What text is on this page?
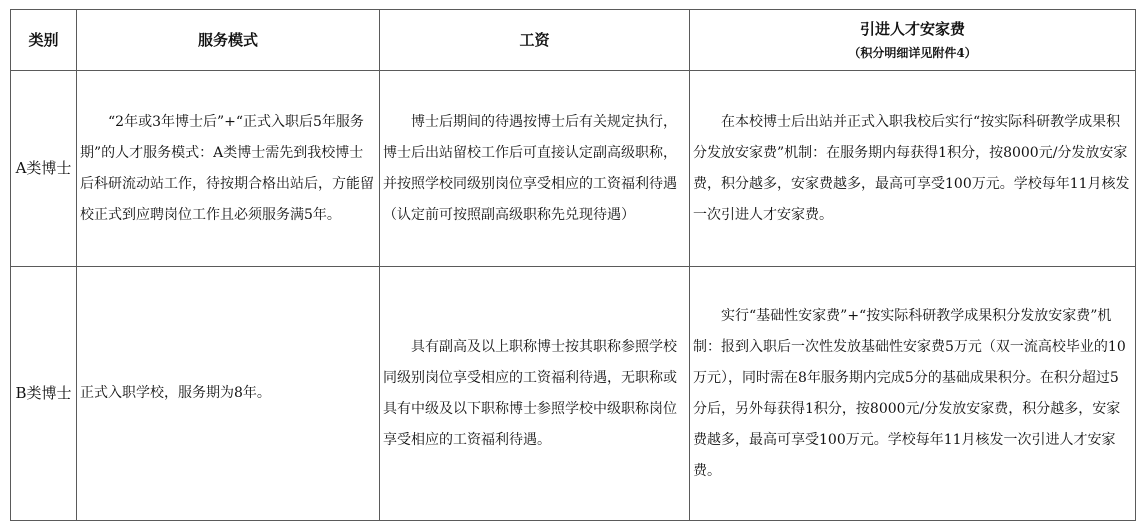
类别	服务模式	工资	引进人才安家费
（积分明细详见附件4）

A类博士	“2年或3年博士后”+“正式入职后5年服务期”的人才服务模式：A类博士需先到我校博士后科研流动站工作，待按期合格出站后，方能留校正式到应聘岗位工作且必须服务满5年。	博士后期间的待遇按博士后有关规定执行，博士后出站留校工作后可直接认定副高级职称，并按照学校同级别岗位享受相应的工资福利待遇（认定前可按照副高级职称先兑现待遇）	在本校博士后出站并正式入职我校后实行“按实际科研教学成果积分发放安家费”机制：在服务期内每获得1积分，按8000元/分发放安家费，积分越多，安家费越多，最高可享受100万元。学校每年11月核发一次引进人才安家费。
B类博士	正式入职学校，服务期为8年。	具有副高及以上职称博士按其职称参照学校同级别岗位享受相应的工资福利待遇，无职称或具有中级及以下职称博士参照学校中级职称岗位享受相应的工资福利待遇。	实行“基础性安家费”+“按实际科研教学成果积分发放安家费”机制：报到入职后一次性发放基础性安家费5万元（双一流高校毕业的10万元），同时需在8年服务期内完成5分的基础成果积分。在积分超过5分后，另外每获得1积分，按8000元/分发放安家费，积分越多，安家费越多，最高可享受100万元。学校每年11月核发一次引进人才安家费。
